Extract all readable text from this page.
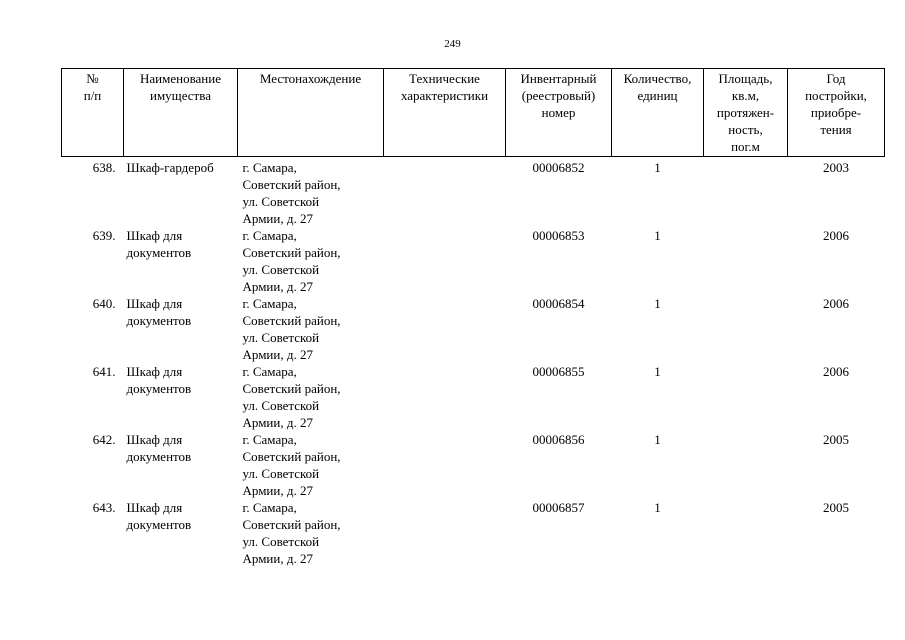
249
№
п/п	Наименование
имущества	Местонахождение	Технические
характеристики	Инвентарный
(реестровый)
номер	Количество,
единиц	Площадь,
кв.м,
протяжен-
ность,
пог.м	Год
постройки,
приобре-
тения
638.	Шкаф-гардероб	г. Самара,
Советский район,
ул. Советской
Армии, д. 27		00006852	1		2003
639.	Шкаф для
документов	г. Самара,
Советский район,
ул. Советской
Армии, д. 27		00006853	1		2006
640.	Шкаф для
документов	г. Самара,
Советский район,
ул. Советской
Армии, д. 27		00006854	1		2006
641.	Шкаф для
документов	г. Самара,
Советский район,
ул. Советской
Армии, д. 27		00006855	1		2006
642.	Шкаф для
документов	г. Самара,
Советский район,
ул. Советской
Армии, д. 27		00006856	1		2005
643.	Шкаф для
документов	г. Самара,
Советский район,
ул. Советской
Армии, д. 27		00006857	1		2005
